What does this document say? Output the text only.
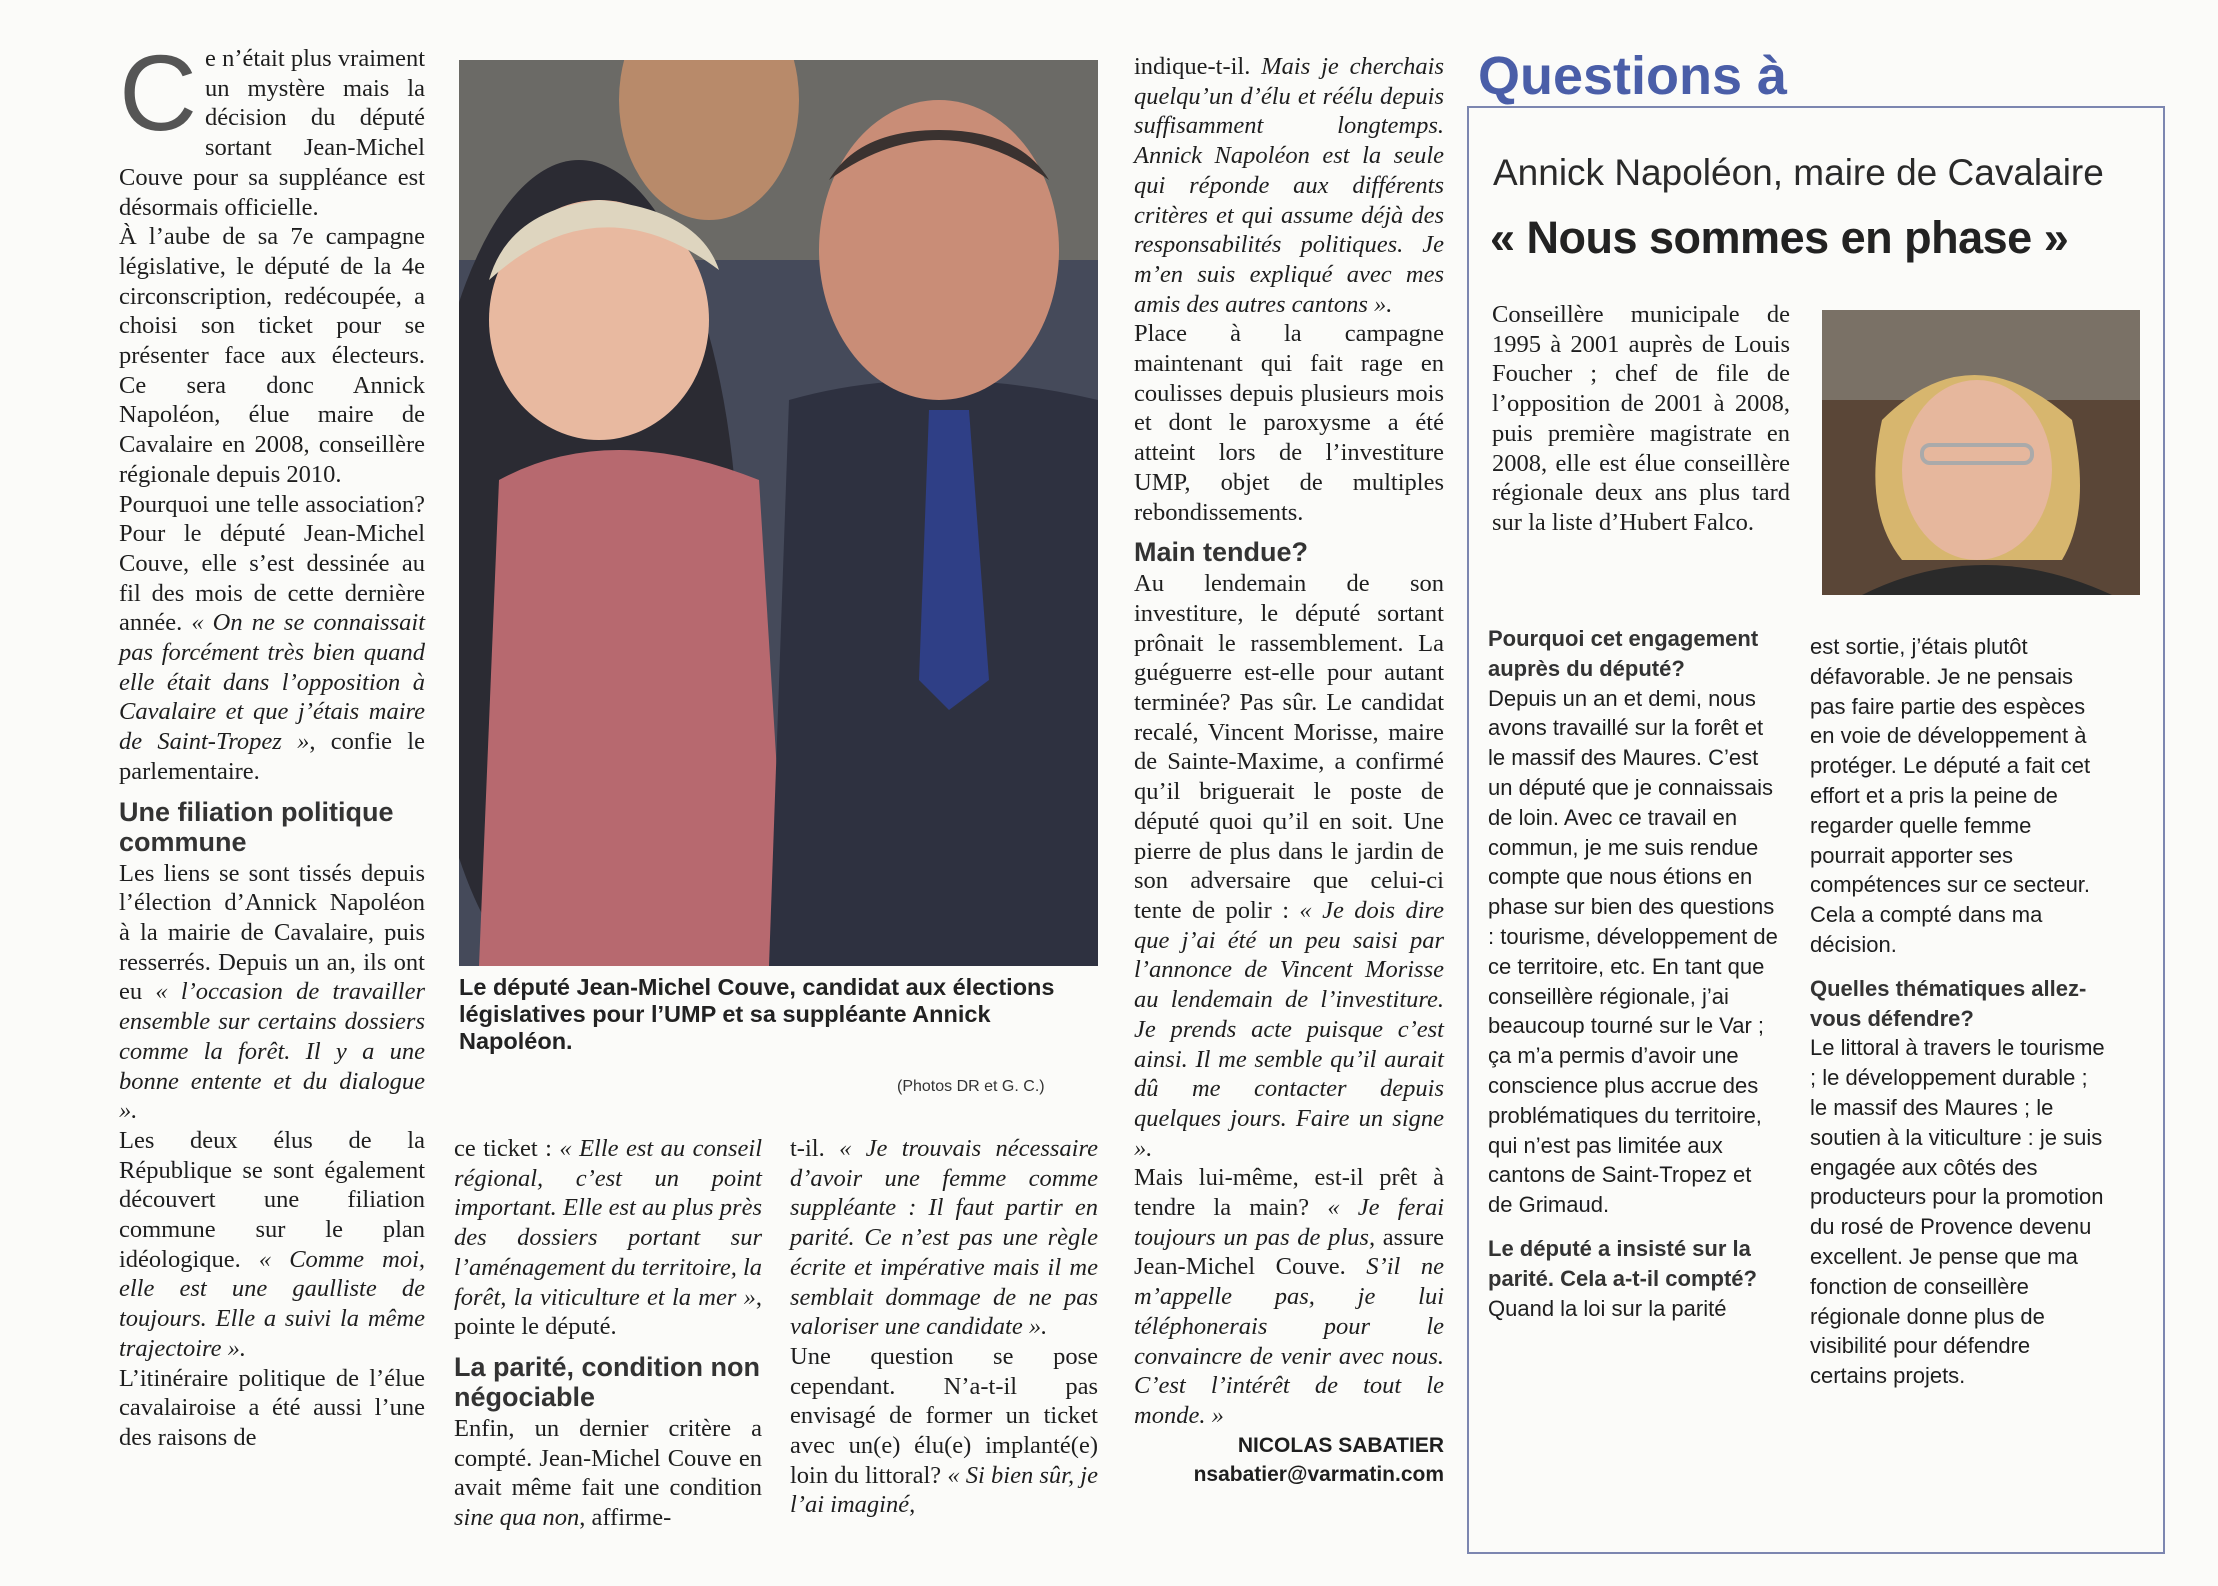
Ce n’était plus vraiment un mystère mais la décision du député sortant Jean-Michel Couve pour sa suppléance est désormais officielle.

À l’aube de sa 7e campagne législative, le député de la 4e circonscription, redécoupée, a choisi son ticket pour se présenter face aux électeurs. Ce sera donc Annick Napoléon, élue maire de Cavalaire en 2008, conseillère régionale depuis 2010.

Pourquoi une telle association? Pour le député Jean-Michel Couve, elle s’est dessinée au fil des mois de cette dernière année. « On ne se connaissait pas forcément très bien quand elle était dans l’opposition à Cavalaire et que j’étais maire de Saint-Tropez », confie le parlementaire.

Une filiation politique commune

Les liens se sont tissés depuis l’élection d’Annick Napoléon à la mairie de Cavalaire, puis resserrés. Depuis un an, ils ont eu « l’occasion de travailler ensemble sur certains dossiers comme la forêt. Il y a une bonne entente et du dialogue ».

Les deux élus de la République se sont également découvert une filiation commune sur le plan idéologique. « Comme moi, elle est une gaulliste de toujours. Elle a suivi la même trajectoire ».

L’itinéraire politique de l’élue cavalairoise a été aussi l’une des raisons de

Le député Jean-Michel Couve, candidat aux élections législatives pour l’UMP et sa suppléante Annick Napoléon.
(Photos DR et G. C.)

ce ticket : « Elle est au conseil régional, c’est un point important. Elle est au plus près des dossiers portant sur l’aménagement du territoire, la forêt, la viticulture et la mer », pointe le député.

La parité, condition non négociable

Enfin, un dernier critère a compté. Jean-Michel Couve en avait même fait une condition sine qua non, affirme-

t-il. « Je trouvais nécessaire d’avoir une femme comme suppléante : Il faut partir en parité. Ce n’est pas une règle écrite et impérative mais il me semblait dommage de ne pas valoriser une candidate ».

Une question se pose cependant. N’a-t-il pas envisagé de former un ticket avec un(e) élu(e) implanté(e) loin du littoral? « Si bien sûr, je l’ai imaginé,

indique-t-il. Mais je cherchais quelqu’un d’élu et réélu depuis suffisamment longtemps. Annick Napoléon est la seule qui réponde aux différents critères et qui assume déjà des responsabilités politiques. Je m’en suis expliqué avec mes amis des autres cantons ».

Place à la campagne maintenant qui fait rage en coulisses depuis plusieurs mois et dont le paroxysme a été atteint lors de l’investiture UMP, objet de multiples rebondissements.

Main tendue?

Au lendemain de son investiture, le député sortant prônait le rassemblement. La guéguerre est-elle pour autant terminée? Pas sûr. Le candidat recalé, Vincent Morisse, maire de Sainte-Maxime, a confirmé qu’il briguerait le poste de député quoi qu’il en soit. Une pierre de plus dans le jardin de son adversaire que celui-ci tente de polir : « Je dois dire que j’ai été un peu saisi par l’annonce de Vincent Morisse au lendemain de l’investiture. Je prends acte puisque c’est ainsi. Il me semble qu’il aurait dû me contacter depuis quelques jours. Faire un signe ».

Mais lui-même, est-il prêt à tendre la main? « Je ferai toujours un pas de plus, assure Jean-Michel Couve. S’il ne m’appelle pas, je lui téléphonerais pour le convaincre de venir avec nous. C’est l’intérêt de tout le monde. »

NICOLAS SABATIER
nsabatier@varmatin.com
Questions à
Annick Napoléon, maire de Cavalaire
« Nous sommes en phase »
Conseillère municipale de 1995 à 2001 auprès de Louis Foucher ; chef de file de l’opposition de 2001 à 2008, puis première magistrate en 2008, elle est élue conseillère régionale deux ans plus tard sur la liste d’Hubert Falco.

Pourquoi cet engagement auprès du député?

Depuis un an et demi, nous avons travaillé sur la forêt et le massif des Maures. C’est un député que je connaissais de loin. Avec ce travail en commun, je me suis rendue compte que nous étions en phase sur bien des questions : tourisme, développement de ce territoire, etc. En tant que conseillère régionale, j’ai beaucoup tourné sur le Var ; ça m’a permis d’avoir une conscience plus accrue des problématiques du territoire, qui n’est pas limitée aux cantons de Saint-Tropez et de Grimaud.

Le député a insisté sur la parité. Cela a-t-il compté?

Quand la loi sur la parité

est sortie, j’étais plutôt défavorable. Je ne pensais pas faire partie des espèces en voie de développement à protéger. Le député a fait cet effort et a pris la peine de regarder quelle femme pourrait apporter ses compétences sur ce secteur. Cela a compté dans ma décision.

Quelles thématiques allez-vous défendre?

Le littoral à travers le tourisme ; le développement durable ; le massif des Maures ; le soutien à la viticulture : je suis engagée aux côtés des producteurs pour la promotion du rosé de Provence devenu excellent. Je pense que ma fonction de conseillère régionale donne plus de visibilité pour défendre certains projets.
